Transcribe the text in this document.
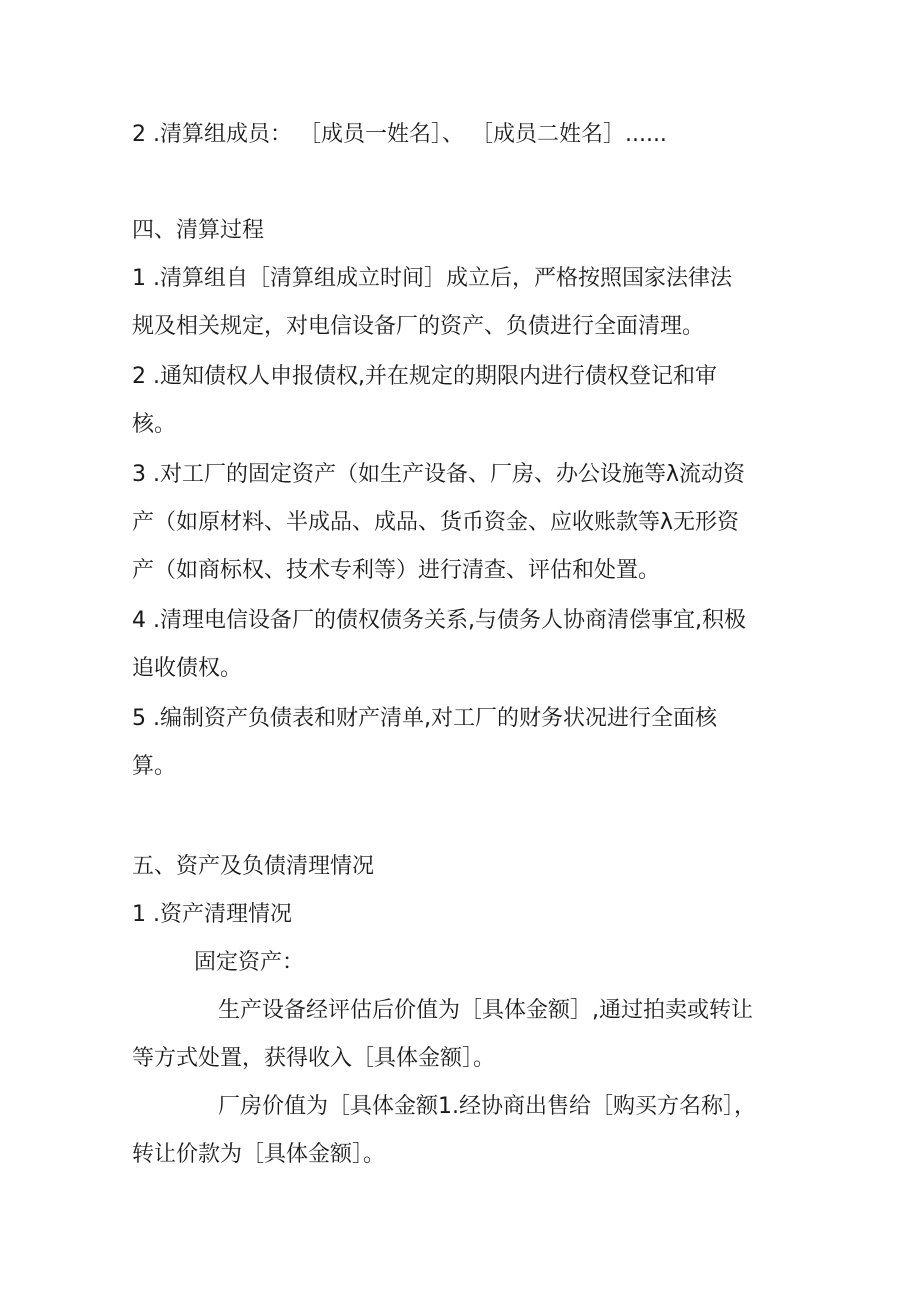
2 .清算组成员： ［成员一姓名］、 ［成员二姓名］......
四、清算过程
1 .清算组自［清算组成立时间］成立后，严格按照国家法律法
规及相关规定，对电信设备厂的资产、负债进行全面清理。
2 .通知债权人申报债权,并在规定的期限内进行债权登记和审
核。
3 .对工厂的固定资产（如生产设备、厂房、办公设施等λ流动资
产（如原材料、半成品、成品、货币资金、应收账款等λ无形资
产（如商标权、技术专利等）进行清查、评估和处置。
4 .清理电信设备厂的债权债务关系,与债务人协商清偿事宜,积极
追收债权。
5 .编制资产负债表和财产清单,对工厂的财务状况进行全面核
算。
五、资产及负债清理情况
1 .资产清理情况
固定资产：
生产设备经评估后价值为［具体金额］,通过拍卖或转让
等方式处置，获得收入［具体金额］。
厂房价值为［具体金额1.经协商出售给［购买方名称］，
转让价款为［具体金额］。
